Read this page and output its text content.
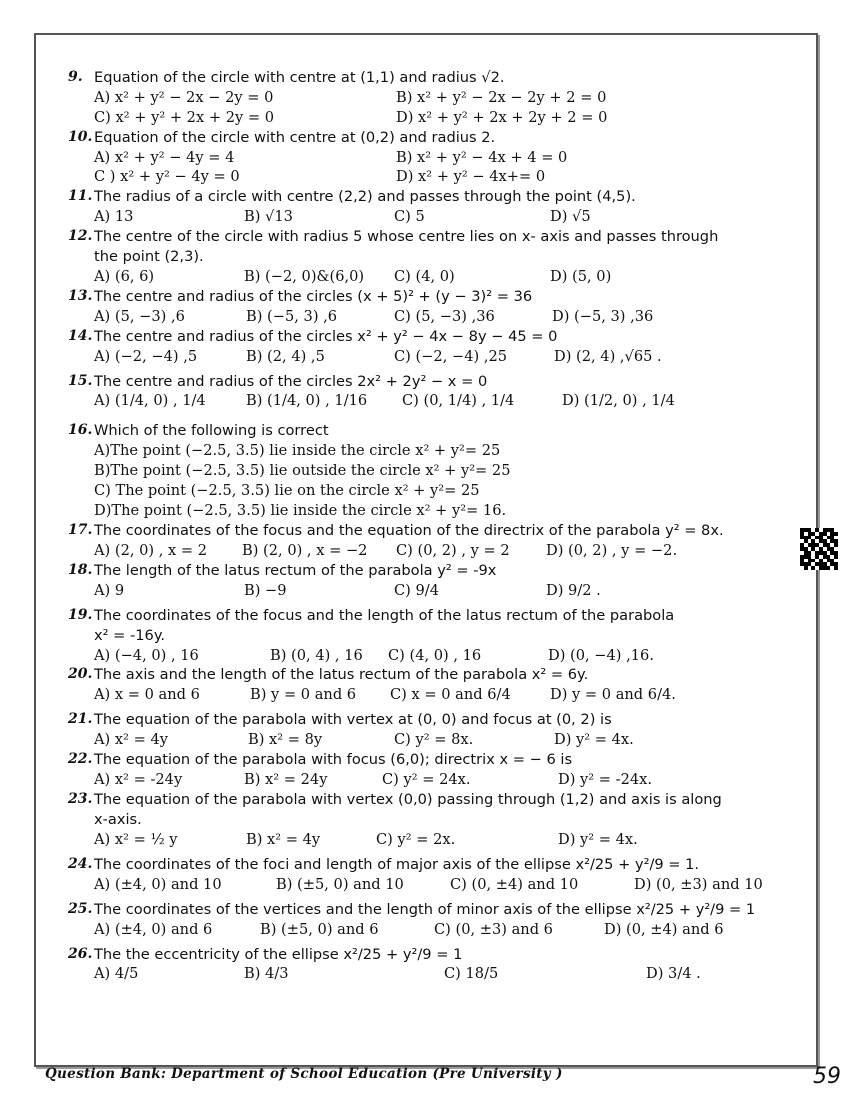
9. Equation of the circle with centre at (1,1) and radius √2.
A) x² + y² − 2x − 2y = 0	B) x² + y² − 2x − 2y + 2 = 0
C) x² + y² + 2x + 2y = 0	D) x² + y² + 2x + 2y + 2 = 0
10. Equation of the circle with centre at (0,2) and radius 2.
A) x² + y² − 4y = 4	B) x² + y² − 4x + 4 = 0
C ) x² + y² − 4y = 0	D) x² + y² − 4x+= 0
11. The radius of a circle with centre (2,2) and passes through the point (4,5).
A) 13	B) √13	C) 5	D) √5
12. The centre of the circle with radius 5 whose centre lies on x- axis and passes through
the point (2,3).
A) (6, 6)	B) (−2, 0)&(6,0) C) (4, 0)	D) (5, 0)
13. The centre and radius of the circles (x + 5)² + (y − 3)² = 36
A) (5, −3) ,6	B) (−5, 3) ,6	C) (5, −3) ,36	D) (−5, 3) ,36
14. The centre and radius of the circles x² + y² − 4x − 8y − 45 = 0
A) (−2, −4) ,5	B) (2, 4) ,5	C) (−2, −4) ,25	D) (2, 4) ,√65 .
15. The centre and radius of the circles 2x² + 2y² − x = 0
A) (1/4, 0) , 1/4	B) (1/4, 0) , 1/16 C) (0, 1/4) , 1/4	D) (1/2, 0) , 1/4
16. Which of the following is correct
A)The point (−2.5, 3.5) lie inside the circle x² + y²= 25
B)The point (−2.5, 3.5) lie outside the circle x² + y²= 25
C) The point (−2.5, 3.5) lie on the circle x² + y²= 25
D)The point (−2.5, 3.5) lie inside the circle x² + y²= 16.
17. The coordinates of the focus and the equation of the directrix of the parabola y² = 8x.
A) (2, 0) , x = 2 B) (2, 0) , x = −2 C) (0, 2) , y = 2 D) (0, 2) , y = −2.
18. The length of the latus rectum of the parabola y² = -9x
A) 9	B) −9	C) 9/4	D) 9/2 .
19. The coordinates of the focus and the length of the latus rectum of the parabola
x² = -16y.
A) (−4, 0) , 16	B) (0, 4) , 16 C) (4, 0) , 16	D) (0, −4) ,16.
20. The axis and the length of the latus rectum of the parabola x² = 6y.
A) x = 0 and 6	B) y = 0 and 6 C) x = 0 and 6/4	D) y = 0 and 6/4.
21. The equation of the parabola with vertex at (0, 0) and focus at (0, 2) is
A) x² = 4y	B) x² = 8y	C) y² = 8x.	D) y² = 4x.
22. The equation of the parabola with focus (6,0); directrix x = − 6 is
A) x² = -24y	B) x² = 24y	C) y² = 24x.	D) y² = -24x.
23. The equation of the parabola with vertex (0,0) passing through (1,2) and axis is along
x-axis.
A) x² = ½ y	B) x² = 4y	C) y² = 2x.	D) y² = 4x.
24. The coordinates of the foci and length of major axis of the ellipse x²/25 + y²/9 = 1.
A) (±4, 0) and 10	B) (±5, 0) and 10	C) (0, ±4) and 10	D) (0, ±3) and 10
25. The coordinates of the vertices and the length of minor axis of the ellipse x²/25 + y²/9 = 1
A) (±4, 0) and 6	B) (±5, 0) and 6	C) (0, ±3) and 6	D) (0, ±4) and 6
26. The the eccentricity of the ellipse x²/25 + y²/9 = 1
A) 4/5	B) 4/3	C) 18/5	D) 3/4 .
Question Bank: Department of School Education (Pre University )	59
